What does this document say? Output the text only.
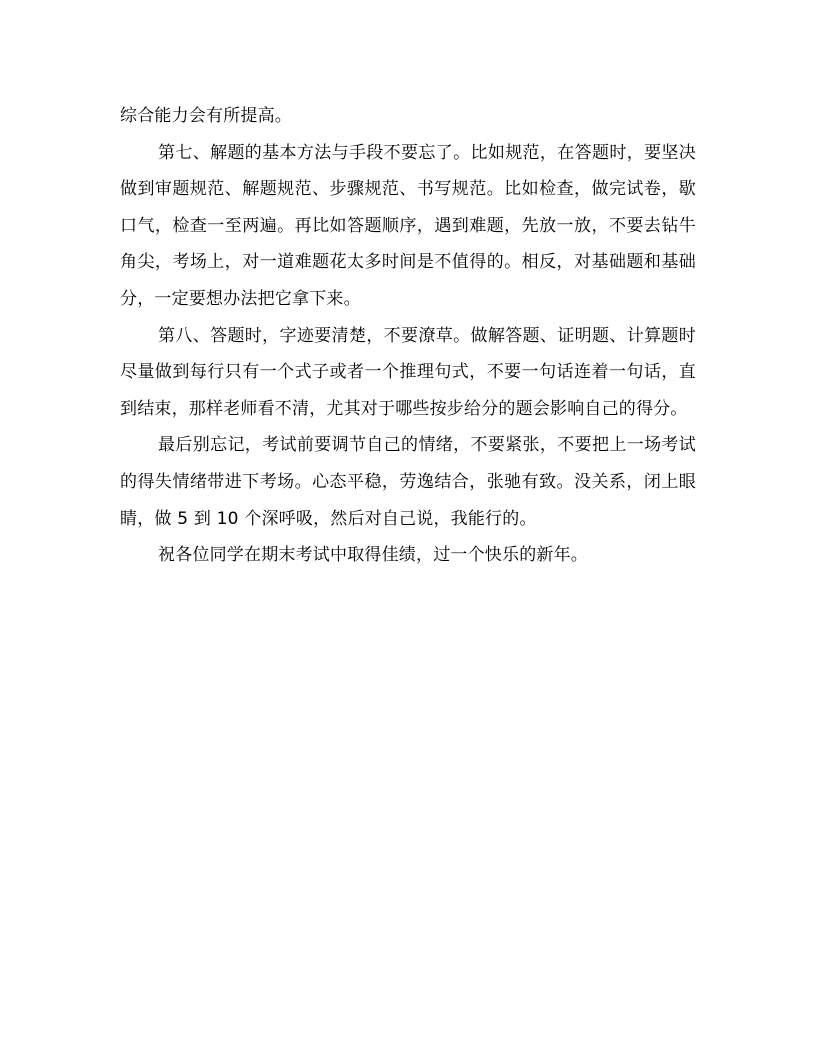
综合能力会有所提高。

第七、解题的基本方法与手段不要忘了。比如规范，在答题时，要坚决做到审题规范、解题规范、步骤规范、书写规范。比如检查，做完试卷，歇口气，检查一至两遍。再比如答题顺序，遇到难题，先放一放，不要去钻牛角尖，考场上，对一道难题花太多时间是不值得的。相反，对基础题和基础分，一定要想办法把它拿下来。

第八、答题时，字迹要清楚，不要潦草。做解答题、证明题、计算题时尽量做到每行只有一个式子或者一个推理句式，不要一句话连着一句话，直到结束，那样老师看不清，尤其对于哪些按步给分的题会影响自己的得分。

最后别忘记，考试前要调节自己的情绪，不要紧张，不要把上一场考试的得失情绪带进下考场。心态平稳，劳逸结合，张驰有致。没关系，闭上眼睛，做 5 到 10 个深呼吸，然后对自己说，我能行的。

祝各位同学在期末考试中取得佳绩，过一个快乐的新年。
